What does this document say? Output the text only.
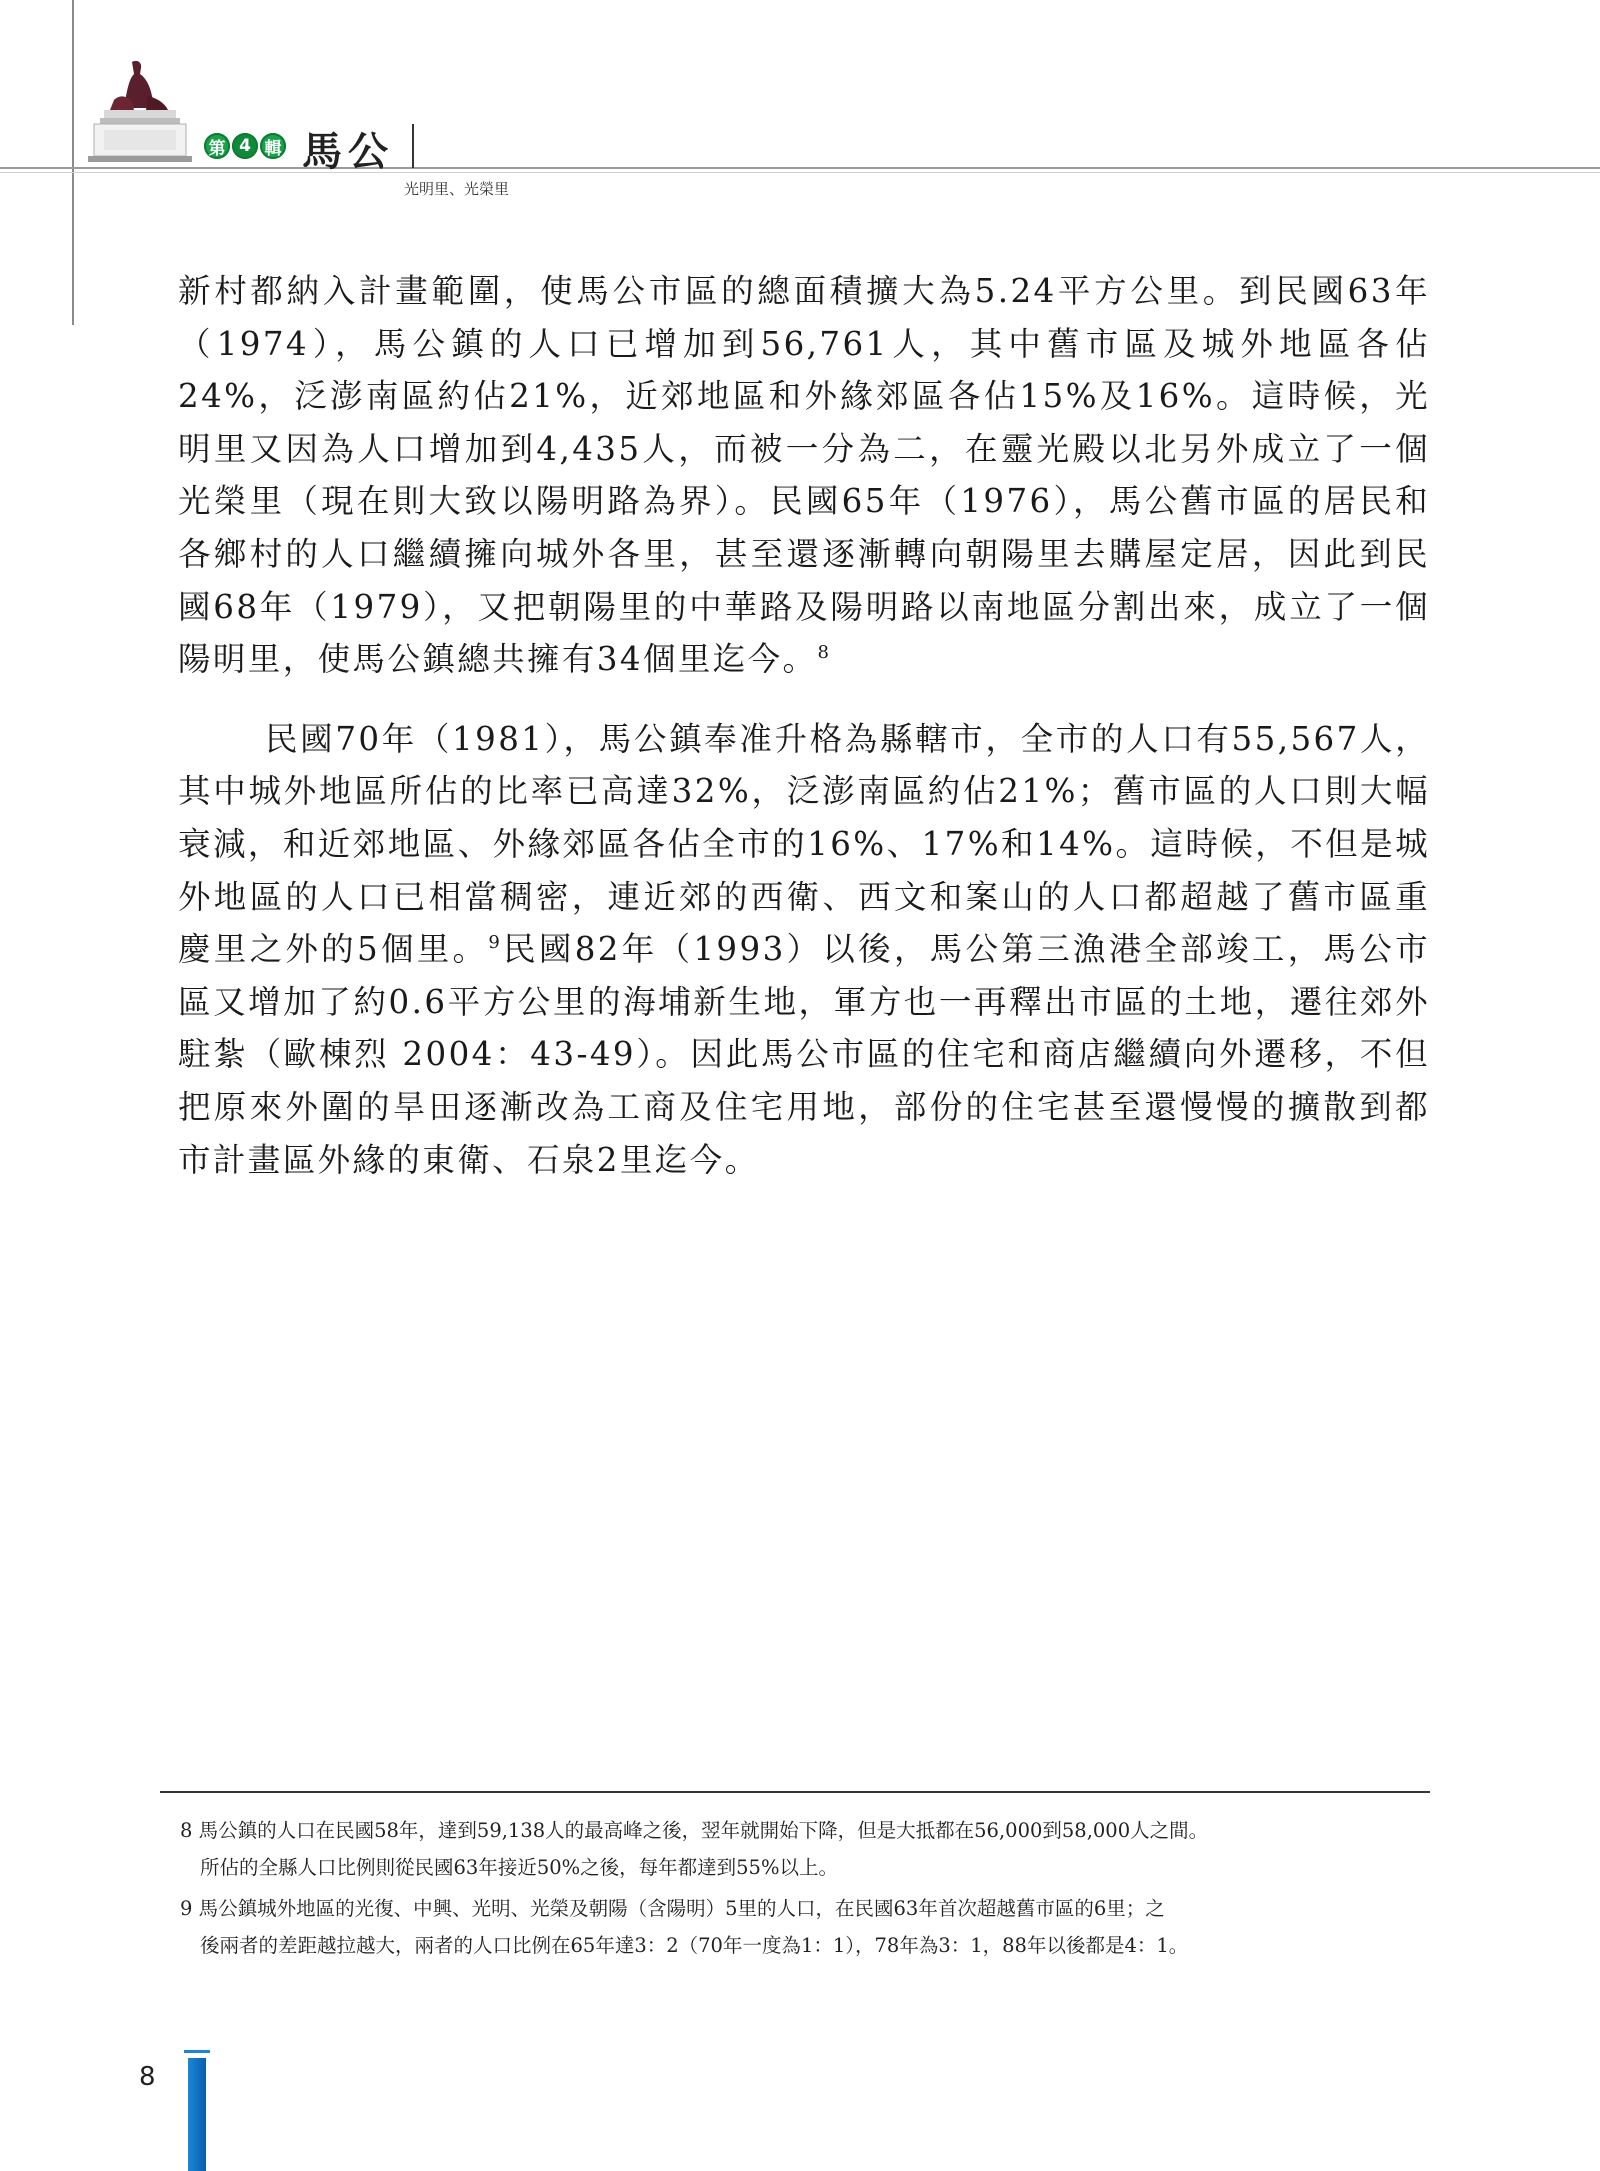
第 4 輯 馬公
光明里、光榮里

新村都納入計畫範圍，使馬公市區的總面積擴大為5.24平方公里。到民國63年（1974），馬公鎮的人口已增加到56,761人，其中舊市區及城外地區各佔24%，泛澎南區約佔21%，近郊地區和外緣郊區各佔15%及16%。這時候，光明里又因為人口增加到4,435人，而被一分為二，在靈光殿以北另外成立了一個光榮里（現在則大致以陽明路為界）。民國65年（1976），馬公舊市區的居民和各鄉村的人口繼續擁向城外各里，甚至還逐漸轉向朝陽里去購屋定居，因此到民國68年（1979），又把朝陽里的中華路及陽明路以南地區分割出來，成立了一個陽明里，使馬公鎮總共擁有34個里迄今。$^8$

民國70年（1981），馬公鎮奉准升格為縣轄市，全市的人口有55,567人，其中城外地區所佔的比率已高達32%，泛澎南區約佔21%；舊市區的人口則大幅衰減，和近郊地區、外緣郊區各佔全市的16%、17%和14%。這時候，不但是城外地區的人口已相當稠密，連近郊的西衛、西文和案山的人口都超越了舊市區重慶里之外的5個里。$^9$民國82年（1993）以後，馬公第三漁港全部竣工，馬公市區又增加了約0.6平方公里的海埔新生地，軍方也一再釋出市區的土地，遷往郊外駐紮（歐棟烈 2004：43-49）。因此馬公市區的住宅和商店繼續向外遷移，不但把原來外圍的旱田逐漸改為工商及住宅用地，部份的住宅甚至還慢慢的擴散到都市計畫區外緣的東衛、石泉2里迄今。

8 馬公鎮的人口在民國58年，達到59,138人的最高峰之後，翌年就開始下降，但是大抵都在56,000到58,000人之間。
所佔的全縣人口比例則從民國63年接近50%之後，每年都達到55%以上。

9 馬公鎮城外地區的光復、中興、光明、光榮及朝陽（含陽明）5里的人口，在民國63年首次超越舊市區的6里；之
後兩者的差距越拉越大，兩者的人口比例在65年達3：2（70年一度為1：1），78年為3：1，88年以後都是4：1。

8
